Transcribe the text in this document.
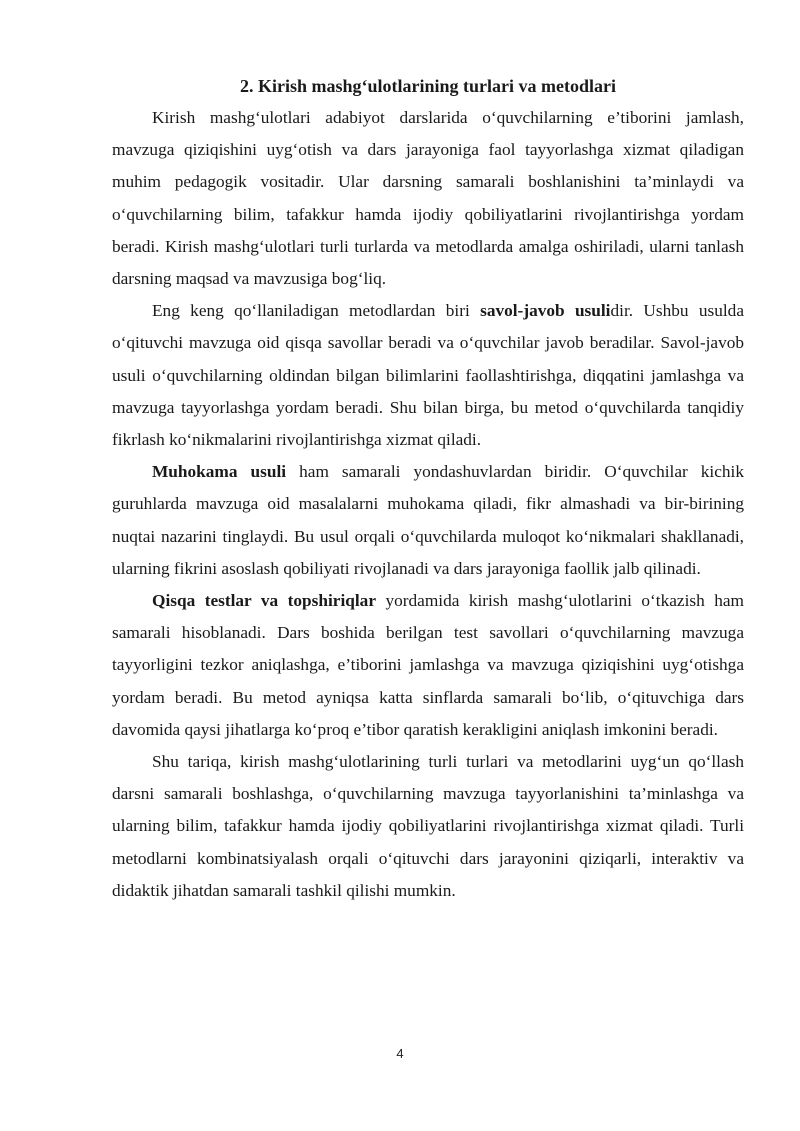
2. Kirish mashg‘ulotlarining turlari va metodlari

Kirish mashg‘ulotlari adabiyot darslarida o‘quvchilarning e’tiborini jamlash, mavzuga qiziqishini uyg‘otish va dars jarayoniga faol tayyorlashga xizmat qiladigan muhim pedagogik vositadir. Ular darsning samarali boshlanishini ta’minlaydi va o‘quvchilarning bilim, tafakkur hamda ijodiy qobiliyatlarini rivojlantirishga yordam beradi. Kirish mashg‘ulotlari turli turlarda va metodlarda amalga oshiriladi, ularni tanlash darsning maqsad va mavzusiga bog‘liq.

Eng keng qo‘llaniladigan metodlardan biri savol-javob usulidir. Ushbu usulda o‘qituvchi mavzuga oid qisqa savollar beradi va o‘quvchilar javob beradilar. Savol-javob usuli o‘quvchilarning oldindan bilgan bilimlarini faollashtirishga, diqqatini jamlashga va mavzuga tayyorlashga yordam beradi. Shu bilan birga, bu metod o‘quvchilarda tanqidiy fikrlash ko‘nikmalarini rivojlantirishga xizmat qiladi.

Muhokama usuli ham samarali yondashuvlardan biridir. O‘quvchilar kichik guruhlarda mavzuga oid masalalarni muhokama qiladi, fikr almashadi va bir-birining nuqtai nazarini tinglaydi. Bu usul orqali o‘quvchilarda muloqot ko‘nikmalari shakllanadi, ularning fikrini asoslash qobiliyati rivojlanadi va dars jarayoniga faollik jalb qilinadi.

Qisqa testlar va topshiriqlar yordamida kirish mashg‘ulotlarini o‘tkazish ham samarali hisoblanadi. Dars boshida berilgan test savollari o‘quvchilarning mavzuga tayyorligini tezkor aniqlashga, e’tiborini jamlashga va mavzuga qiziqishini uyg‘otishga yordam beradi. Bu metod ayniqsa katta sinflarda samarali bo‘lib, o‘qituvchiga dars davomida qaysi jihatlarga ko‘proq e’tibor qaratish kerakligini aniqlash imkonini beradi.

Shu tariqa, kirish mashg‘ulotlarining turli turlari va metodlarini uyg‘un qo‘llash darsni samarali boshlashga, o‘quvchilarning mavzuga tayyorlanishini ta’minlashga va ularning bilim, tafakkur hamda ijodiy qobiliyatlarini rivojlantirishga xizmat qiladi. Turli metodlarni kombinatsiyalash orqali o‘qituvchi dars jarayonini qiziqarli, interaktiv va didaktik jihatdan samarali tashkil qilishi mumkin.

4
